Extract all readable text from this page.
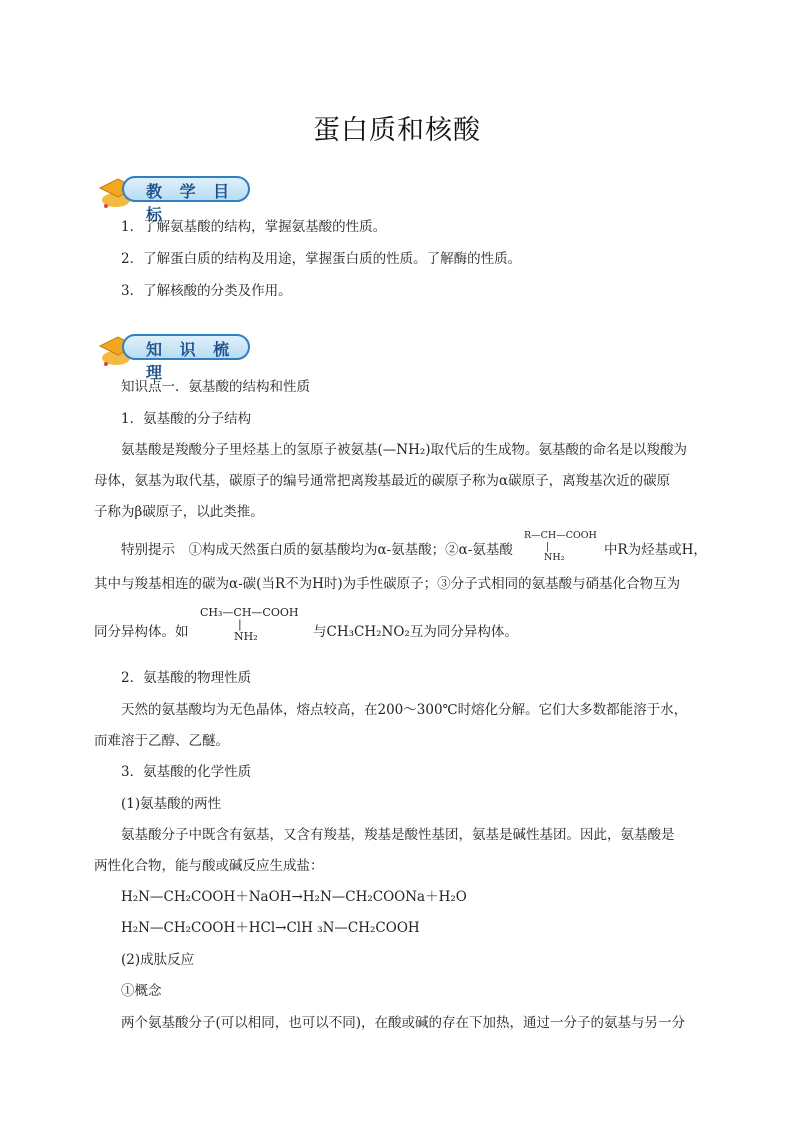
蛋白质和核酸
教 学 目 标
1．了解氨基酸的结构，掌握氨基酸的性质。
2．了解蛋白质的结构及用途，掌握蛋白质的性质。了解酶的性质。
3．了解核酸的分类及作用。
知 识 梳 理
知识点一．氨基酸的结构和性质
1．氨基酸的分子结构
氨基酸是羧酸分子里烃基上的氢原子被氨基(—NH₂)取代后的生成物。氨基酸的命名是以羧酸为
母体，氨基为取代基，碳原子的编号通常把离羧基最近的碳原子称为α碳原子，离羧基次近的碳原
子称为β碳原子，以此类推。
特别提示　①构成天然蛋白质的氨基酸均为α-氨基酸；②α-氨基酸
R—CH—COOH
|
NH₂	中R为烃基或H，
其中与羧基相连的碳为α-碳(当R不为H时)为手性碳原子；③分子式相同的氨基酸与硝基化合物互为
同分异构体。如
CH₃—CH—COOH
|
NH₂	与CH₃CH₂NO₂互为同分异构体。
2．氨基酸的物理性质
天然的氨基酸均为无色晶体，熔点较高，在200～300℃时熔化分解。它们大多数都能溶于水，
而难溶于乙醇、乙醚。
3．氨基酸的化学性质
(1)氨基酸的两性
氨基酸分子中既含有氨基，又含有羧基，羧基是酸性基团，氨基是碱性基团。因此，氨基酸是
两性化合物，能与酸或碱反应生成盐：
H₂N—CH₂COOH＋NaOH→H₂N—CH₂COONa＋H₂O
H₂N—CH₂COOH＋HCl→ClH ₃N—CH₂COOH
(2)成肽反应
①概念
两个氨基酸分子(可以相同，也可以不同)，在酸或碱的存在下加热，通过一分子的氨基与另一分
